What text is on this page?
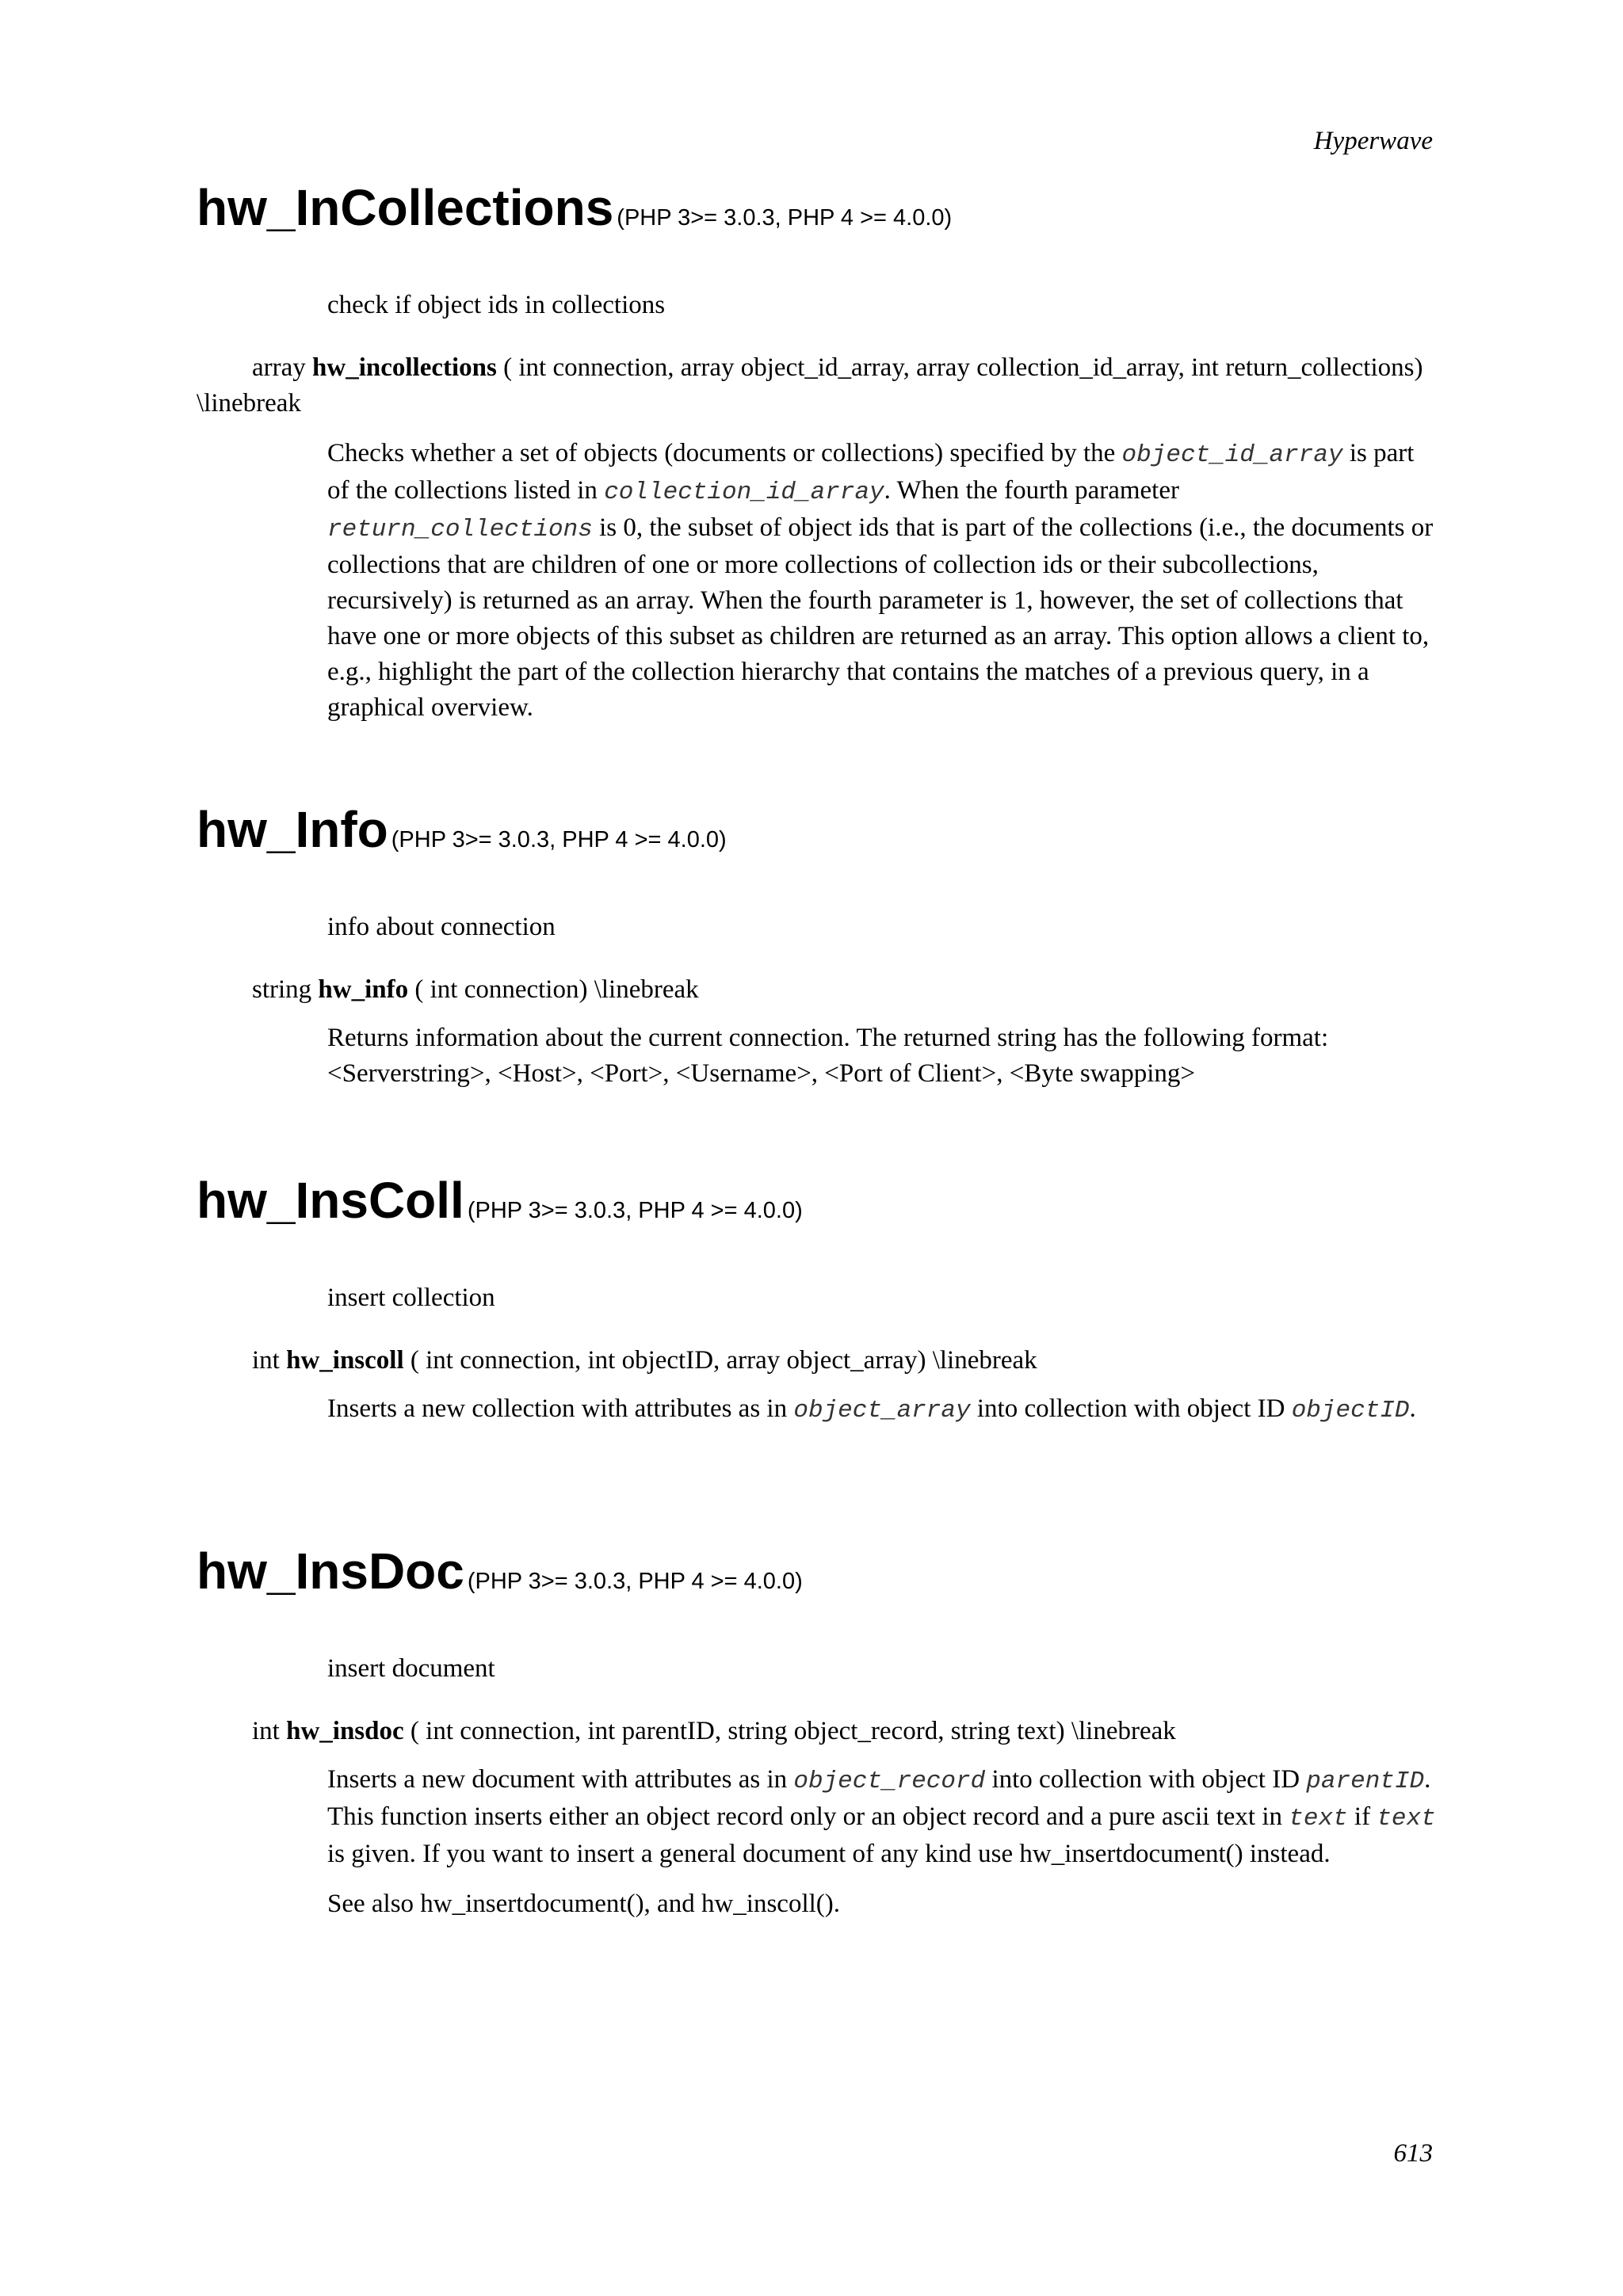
Hyperwave
hw_InCollections (PHP 3>= 3.0.3, PHP 4 >= 4.0.0)
check if object ids in collections
array hw_incollections ( int connection, array object_id_array, array collection_id_array, int return_collections) \linebreak

Checks whether a set of objects (documents or collections) specified by the object_id_array is part of the collections listed in collection_id_array. When the fourth parameter return_collections is 0, the subset of object ids that is part of the collections (i.e., the documents or collections that are children of one or more collections of collection ids or their subcollections, recursively) is returned as an array. When the fourth parameter is 1, however, the set of collections that have one or more objects of this subset as children are returned as an array. This option allows a client to, e.g., highlight the part of the collection hierarchy that contains the matches of a previous query, in a graphical overview.

hw_Info (PHP 3>= 3.0.3, PHP 4 >= 4.0.0)
info about connection
string hw_info ( int connection) \linebreak

Returns information about the current connection. The returned string has the following format:

<Serverstring>, <Host>, <Port>, <Username>, <Port of Client>, <Byte swapping>

hw_InsColl (PHP 3>= 3.0.3, PHP 4 >= 4.0.0)
insert collection
int hw_inscoll ( int connection, int objectID, array object_array) \linebreak

Inserts a new collection with attributes as in object_array into collection with object ID objectID.

hw_InsDoc (PHP 3>= 3.0.3, PHP 4 >= 4.0.0)
insert document
int hw_insdoc ( int connection, int parentID, string object_record, string text) \linebreak

Inserts a new document with attributes as in object_record into collection with object ID parentID. This function inserts either an object record only or an object record and a pure ascii text in text if text is given. If you want to insert a general document of any kind use hw_insertdocument() instead.

See also hw_insertdocument(), and hw_inscoll().

613
